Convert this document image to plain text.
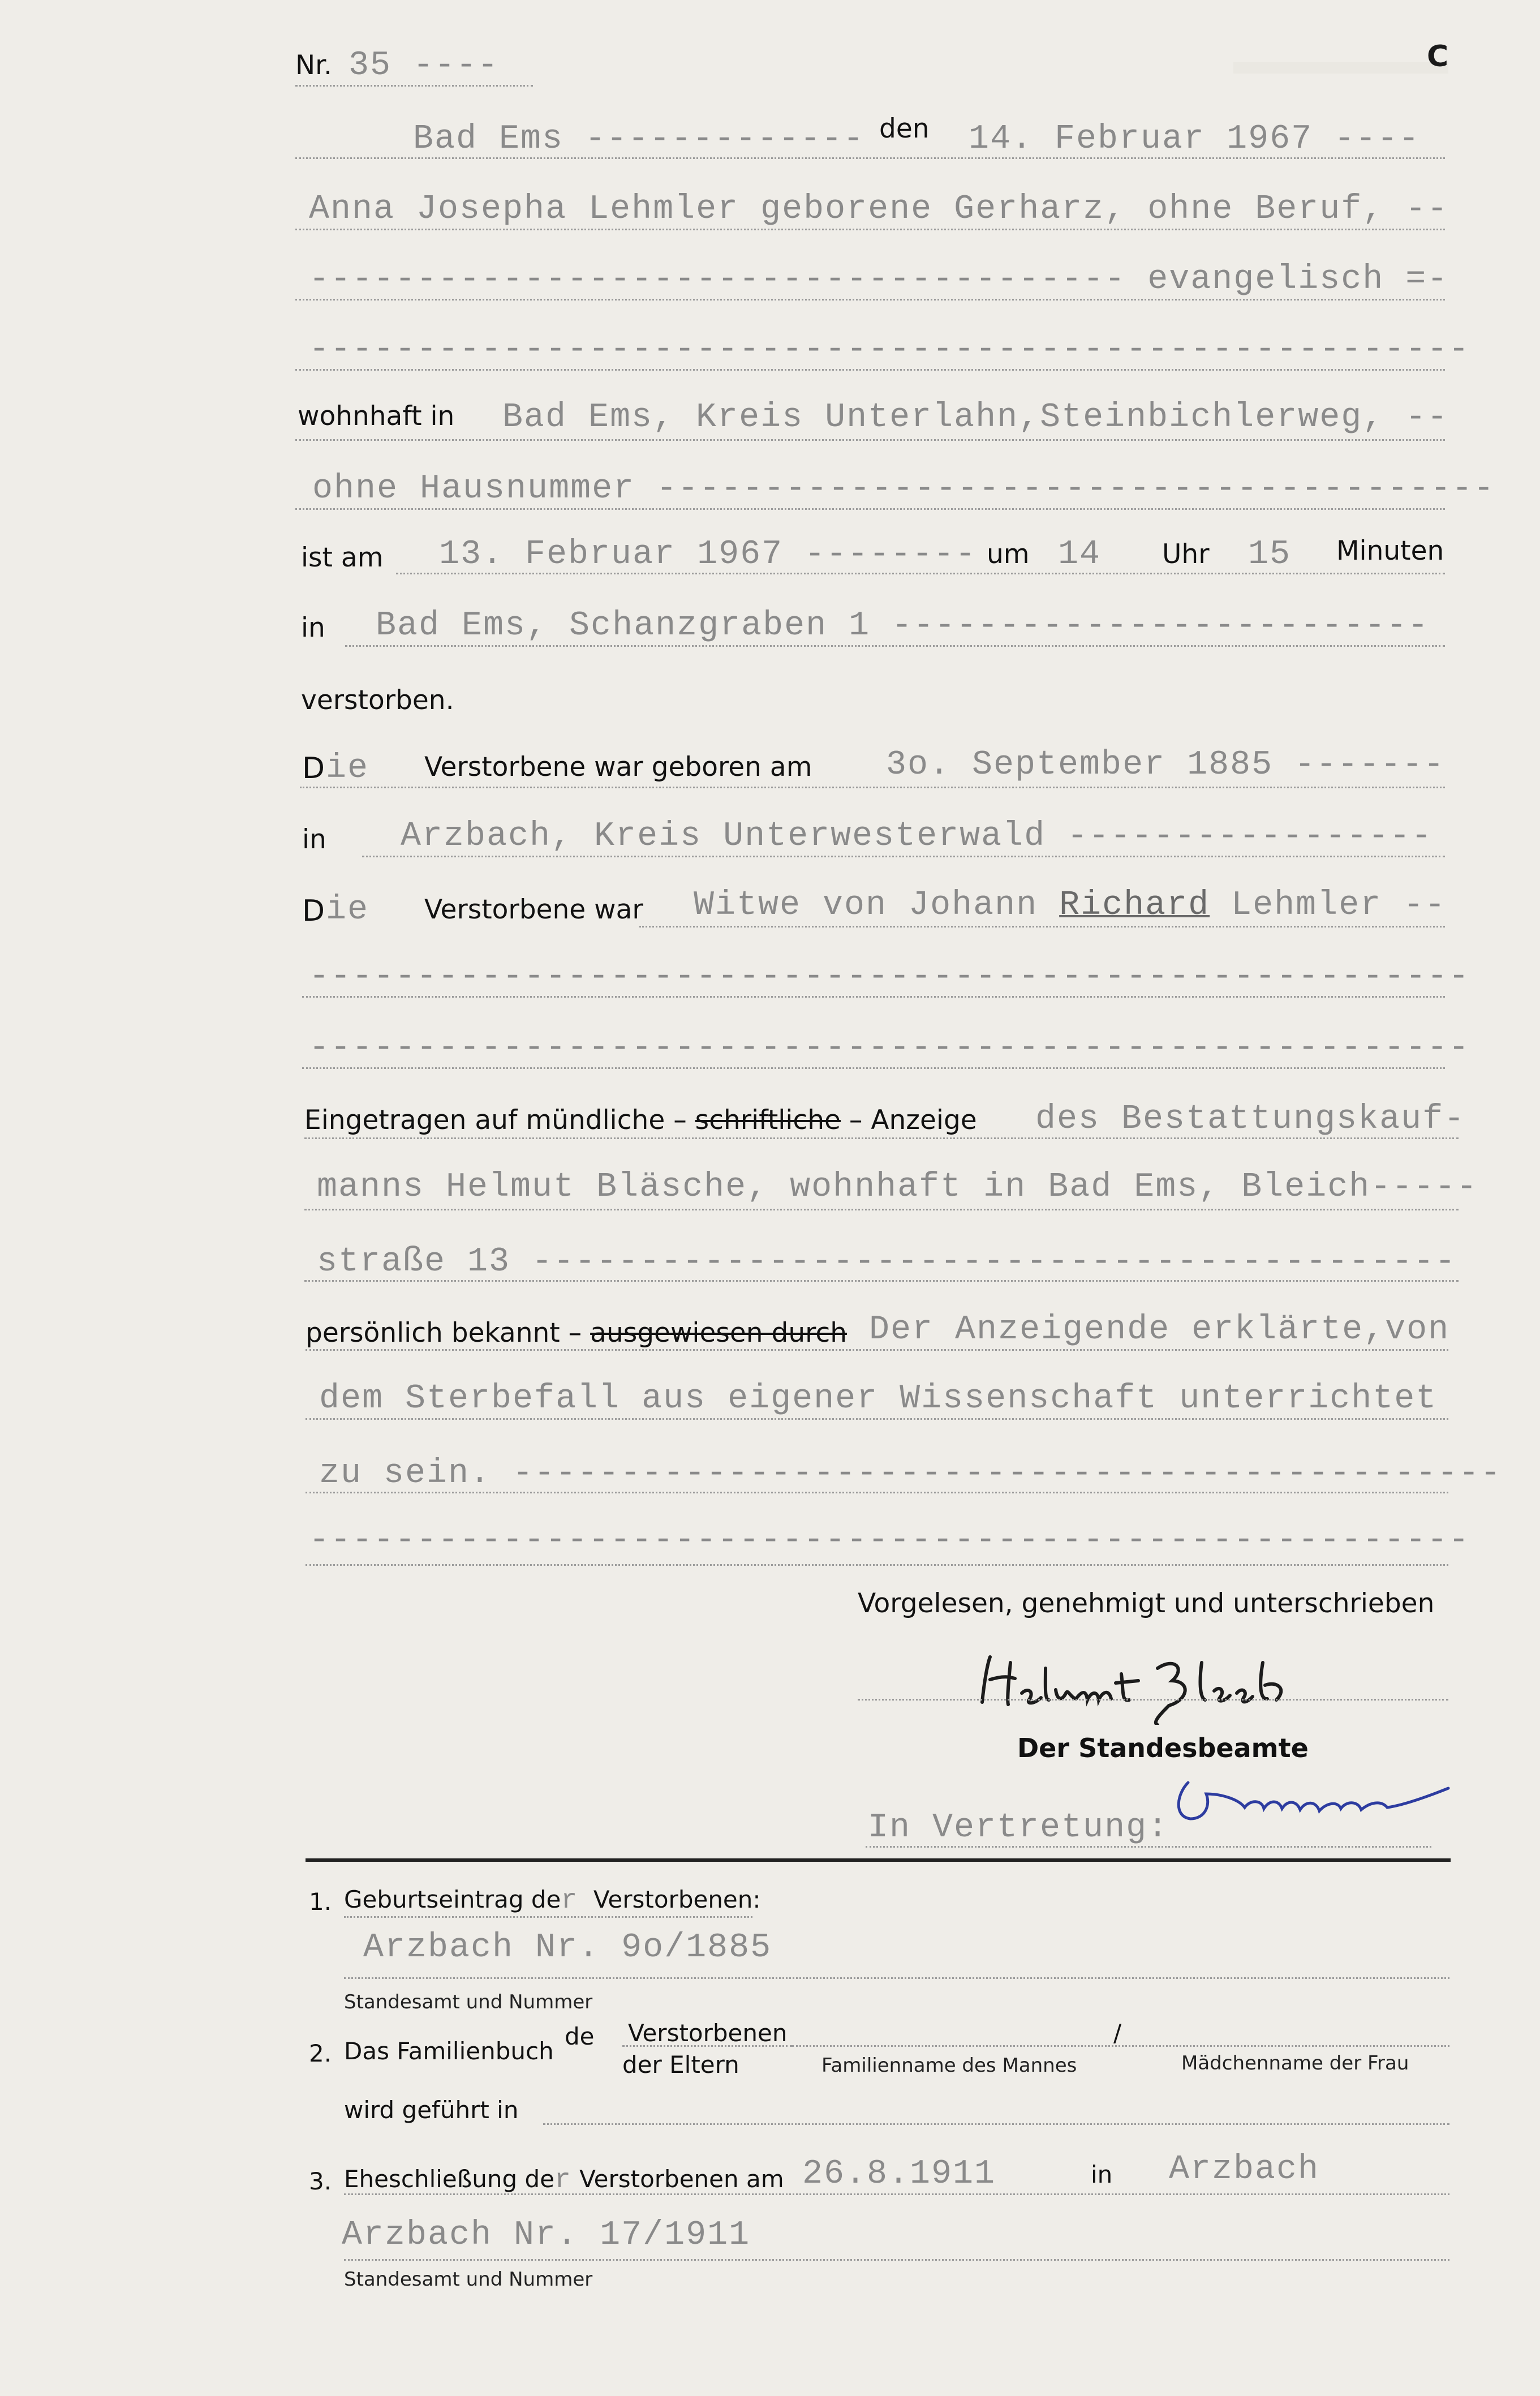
C
Nr. 35 ----
Bad Ems ------------- den 14. Februar 1967 ----
Anna Josepha Lehmler geborene Gerharz, ohne Beruf, --
-------------------------------------- evangelisch =-
------------------------------------------------------
wohnhaft in Bad Ems, Kreis Unterlahn,Steinbichlerweg, --
ohne Hausnummer ---------------------------------------
ist am 13. Februar 1967 -------- um 14 Uhr 15 Minuten
in Bad Ems, Schanzgraben 1 -------------------------
verstorben.
D ie Verstorbene war geboren am 3o. September 1885 -------
in Arzbach, Kreis Unterwesterwald -----------------
D ie Verstorbene war Witwe von Johann Richard Lehmler --
------------------------------------------------------
------------------------------------------------------
Eingetragen auf mündliche – schriftliche – Anzeige des Bestattungskauf-
manns Helmut Bläsche, wohnhaft in Bad Ems, Bleich-----
straße 13 -------------------------------------------
persönlich bekannt – ausgewiesen durch Der Anzeigende erklärte,von
dem Sterbefall aus eigener Wissenschaft unterrichtet
zu sein. ----------------------------------------------
------------------------------------------------------
Vorgelesen, genehmigt und unterschrieben
Der Standesbeamte
In Vertretung:
1. Geburtseintrag der Verstorbenen:
Arzbach Nr. 9o/1885
Standesamt und Nummer
2. Das Familienbuch
de Verstorbenen
der Eltern
/
Familienname des Mannes	Mädchenname der Frau
wird geführt in
3. Eheschließung der Verstorbenen am 26.8.1911	in Arzbach
Arzbach Nr. 17/1911
Standesamt und Nummer
